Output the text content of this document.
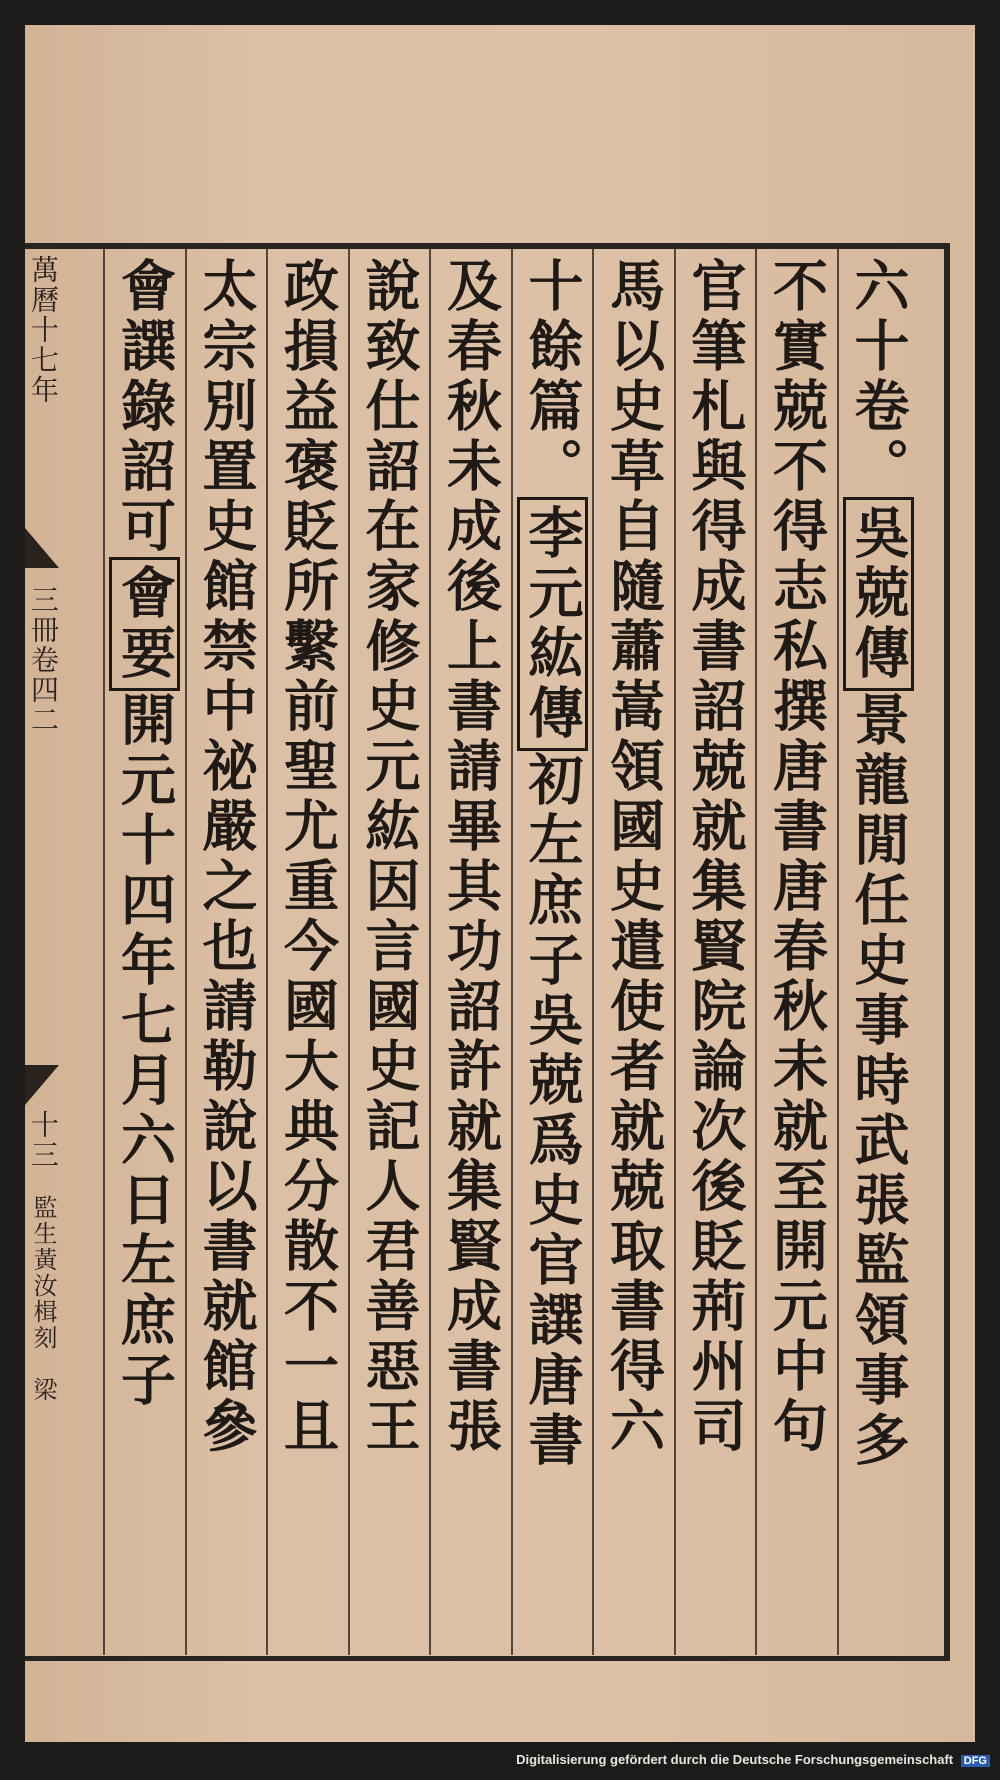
萬曆十七年
三冊卷四二
十三
監生黃汝楫刻　梁
六十卷。吳兢傳景龍閒任史事時武張監領事多
不實兢不得志私撰唐書唐春秋未就至開元中句
官筆札與得成書詔兢就集賢院論次後貶荊州司
馬以史草自隨蕭嵩領國史遣使者就兢取書得六
十餘篇。李元紘傳初左庶子吳兢爲史官譔唐書
及春秋未成後上書請畢其功詔許就集賢成書張
說致仕詔在家修史元紘因言國史記人君善惡王
政損益褒貶所繫前聖尤重今國大典分散不一且
太宗別置史館禁中祕嚴之也請勒說以書就館參
會譔錄詔可會要開元十四年七月六日左庶子
Digitalisierung gefördert durch die Deutsche Forschungsgemeinschaft DFG
